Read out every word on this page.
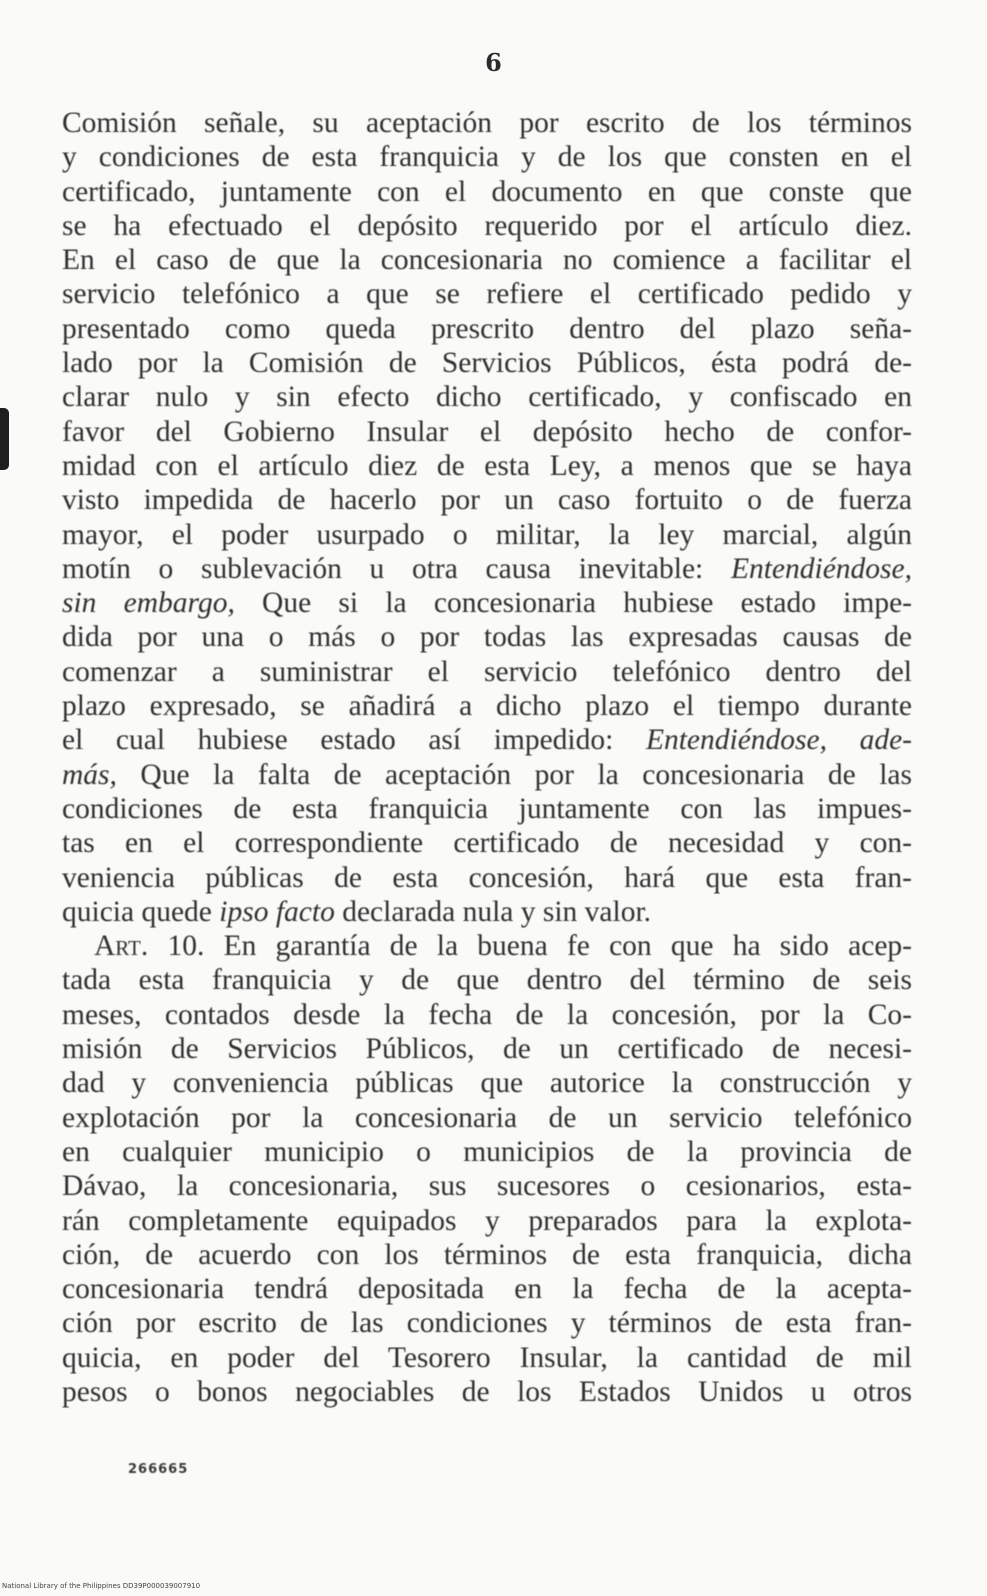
6
Comisión señale, su aceptación por escrito de los términos
y condiciones de esta franquicia y de los que consten en el
certificado, juntamente con el documento en que conste que
se ha efectuado el depósito requerido por el artículo diez.
En el caso de que la concesionaria no comience a facilitar el
servicio telefónico a que se refiere el certificado pedido y
presentado como queda prescrito dentro del plazo seña-
lado por la Comisión de Servicios Públicos, ésta podrá de-
clarar nulo y sin efecto dicho certificado, y confiscado en
favor del Gobierno Insular el depósito hecho de confor-
midad con el artículo diez de esta Ley, a menos que se haya
visto impedida de hacerlo por un caso fortuito o de fuerza
mayor, el poder usurpado o militar, la ley marcial, algún
motín o sublevación u otra causa inevitable: Entendiéndose,
sin embargo, Que si la concesionaria hubiese estado impe-
dida por una o más o por todas las expresadas causas de
comenzar a suministrar el servicio telefónico dentro del
plazo expresado, se añadirá a dicho plazo el tiempo durante
el cual hubiese estado así impedido: Entendiéndose, ade-
más, Que la falta de aceptación por la concesionaria de las
condiciones de esta franquicia juntamente con las impues-
tas en el correspondiente certificado de necesidad y con-
veniencia públicas de esta concesión, hará que esta fran-
quicia quede ipso facto declarada nula y sin valor.
Art. 10. En garantía de la buena fe con que ha sido acep-
tada esta franquicia y de que dentro del término de seis
meses, contados desde la fecha de la concesión, por la Co-
misión de Servicios Públicos, de un certificado de necesi-
dad y conveniencia públicas que autorice la construcción y
explotación por la concesionaria de un servicio telefónico
en cualquier municipio o municipios de la provincia de
Dávao, la concesionaria, sus sucesores o cesionarios, esta-
rán completamente equipados y preparados para la explota-
ción, de acuerdo con los términos de esta franquicia, dicha
concesionaria tendrá depositada en la fecha de la acepta-
ción por escrito de las condiciones y términos de esta fran-
quicia, en poder del Tesorero Insular, la cantidad de mil
pesos o bonos negociables de los Estados Unidos u otros
266665
National Library of the Philippines DD39P000039007910
